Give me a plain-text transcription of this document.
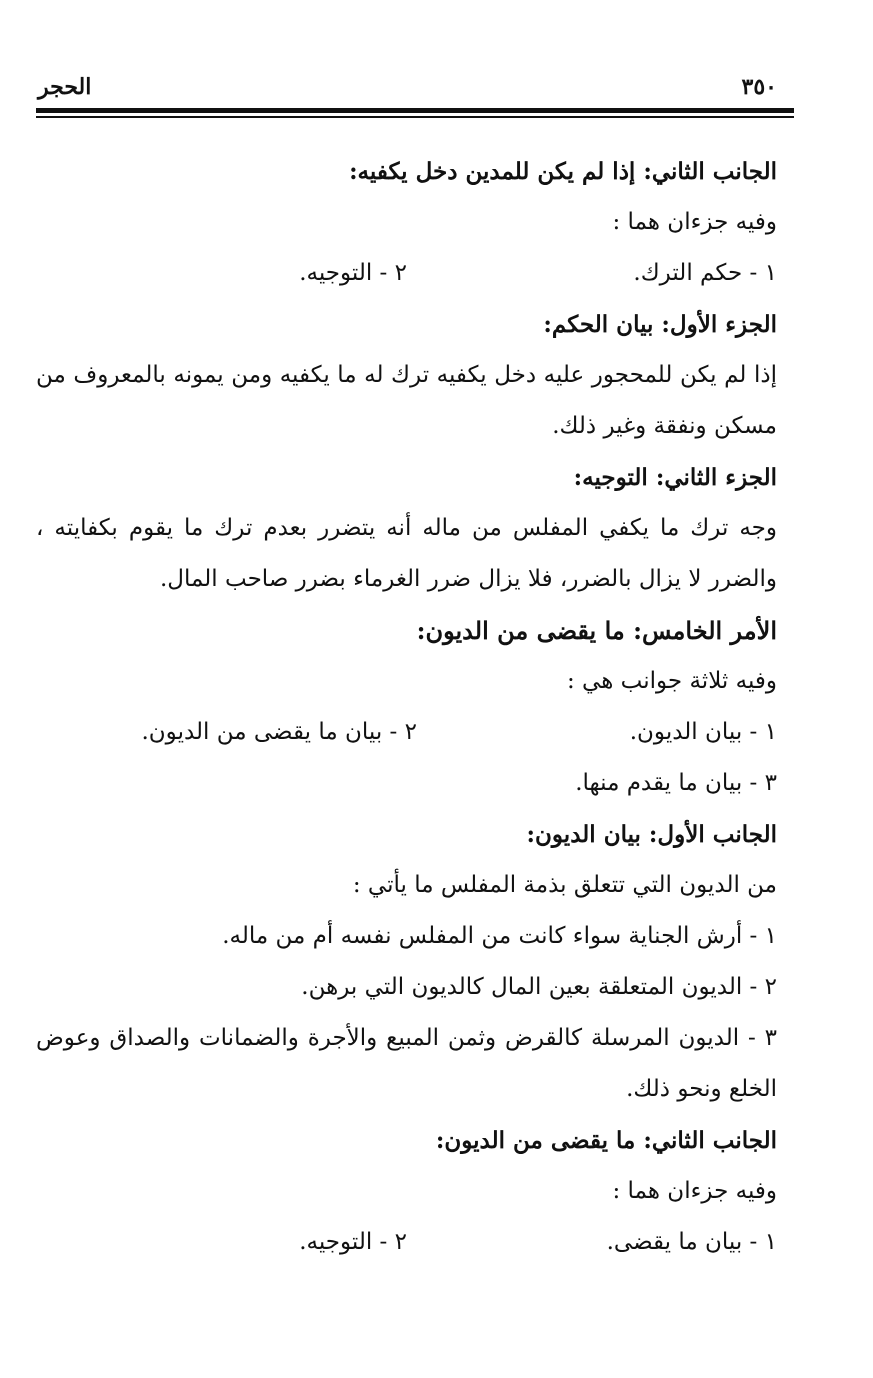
٣٥٠
الحجر
الجانب الثاني: إذا لم يكن للمدين دخل يكفيه:
وفيه جزءان هما :
١ - حكم الترك.
٢ - التوجيه.
الجزء الأول: بيان الحكم:
إذا لم يكن للمحجور عليه دخل يكفيه ترك له ما يكفيه ومن يمونه بالمعروف من مسكن ونفقة وغير ذلك.
الجزء الثاني: التوجيه:
وجه ترك ما يكفي المفلس من ماله أنه يتضرر بعدم ترك ما يقوم بكفايته ، والضرر لا يزال بالضرر، فلا يزال ضرر الغرماء بضرر صاحب المال.
الأمر الخامس: ما يقضى من الديون:
وفيه ثلاثة جوانب هي :
١ - بيان الديون.
٢ - بيان ما يقضى من الديون.
٣ - بيان ما يقدم منها.
الجانب الأول: بيان الديون:
من الديون التي تتعلق بذمة المفلس ما يأتي :
١ - أرش الجناية سواء كانت من المفلس نفسه أم من ماله.
٢ - الديون المتعلقة بعين المال كالديون التي برهن.
٣ - الديون المرسلة كالقرض وثمن المبيع والأجرة والضمانات والصداق وعوض الخلع ونحو ذلك.
الجانب الثاني: ما يقضى من الديون:
وفيه جزءان هما :
١ - بيان ما يقضى.
٢ - التوجيه.
